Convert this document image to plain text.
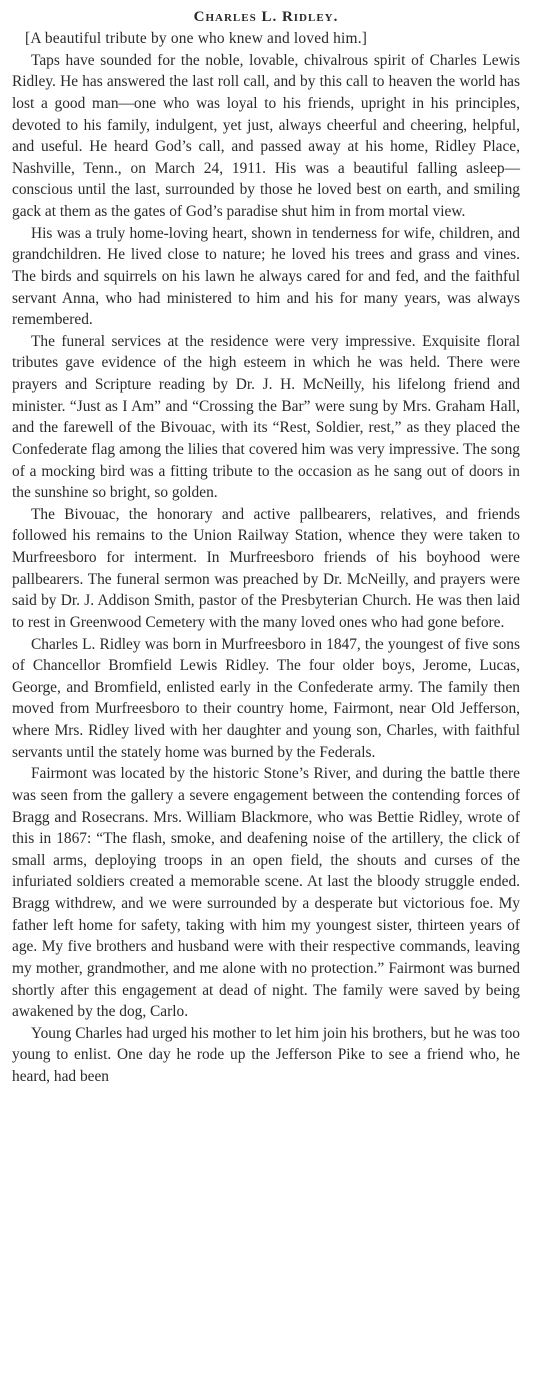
Charles L. Ridley.

[A beautiful tribute by one who knew and loved him.]

Taps have sounded for the noble, lovable, chivalrous spirit of Charles Lewis Ridley. He has answered the last roll call, and by this call to heaven the world has lost a good man—one who was loyal to his friends, upright in his principles, devoted to his family, indulgent, yet just, always cheerful and cheering, helpful, and useful. He heard God’s call, and passed away at his home, Ridley Place, Nashville, Tenn., on March 24, 1911. His was a beautiful falling asleep—conscious until the last, surrounded by those he loved best on earth, and smiling gack at them as the gates of God’s paradise shut him in from mortal view.

His was a truly home-loving heart, shown in tenderness for wife, children, and grandchildren. He lived close to nature; he loved his trees and grass and vines. The birds and squirrels on his lawn he always cared for and fed, and the faithful servant Anna, who had ministered to him and his for many years, was always remembered.

The funeral services at the residence were very impressive. Exquisite floral tributes gave evidence of the high esteem in which he was held. There were prayers and Scripture reading by Dr. J. H. McNeilly, his lifelong friend and minister. “Just as I Am” and “Crossing the Bar” were sung by Mrs. Graham Hall, and the farewell of the Bivouac, with its “Rest, Soldier, rest,” as they placed the Confederate flag among the lilies that covered him was very impressive. The song of a mocking bird was a fitting tribute to the occasion as he sang out of doors in the sunshine so bright, so golden.

The Bivouac, the honorary and active pallbearers, relatives, and friends followed his remains to the Union Railway Station, whence they were taken to Murfreesboro for interment. In Murfreesboro friends of his boyhood were pallbearers. The funeral sermon was preached by Dr. McNeilly, and prayers were said by Dr. J. Addison Smith, pastor of the Presbyterian Church. He was then laid to rest in Greenwood Cemetery with the many loved ones who had gone before.

Charles L. Ridley was born in Murfreesboro in 1847, the youngest of five sons of Chancellor Bromfield Lewis Ridley. The four older boys, Jerome, Lucas, George, and Bromfield, enlisted early in the Confederate army. The family then moved from Murfreesboro to their country home, Fairmont, near Old Jefferson, where Mrs. Ridley lived with her daughter and young son, Charles, with faithful servants until the stately home was burned by the Federals.

Fairmont was located by the historic Stone’s River, and during the battle there was seen from the gallery a severe engagement between the contending forces of Bragg and Rosecrans. Mrs. William Blackmore, who was Bettie Ridley, wrote of this in 1867: “The flash, smoke, and deafening noise of the artillery, the click of small arms, deploying troops in an open field, the shouts and curses of the infuriated soldiers created a memorable scene. At last the bloody struggle ended. Bragg withdrew, and we were surrounded by a desperate but victorious foe. My father left home for safety, taking with him my youngest sister, thirteen years of age. My five brothers and husband were with their respective commands, leaving my mother, grandmother, and me alone with no protection.” Fairmont was burned shortly after this engagement at dead of night. The family were saved by being awakened by the dog, Carlo.

Young Charles had urged his mother to let him join his brothers, but he was too young to enlist. One day he rode up the Jefferson Pike to see a friend who, he heard, had been
